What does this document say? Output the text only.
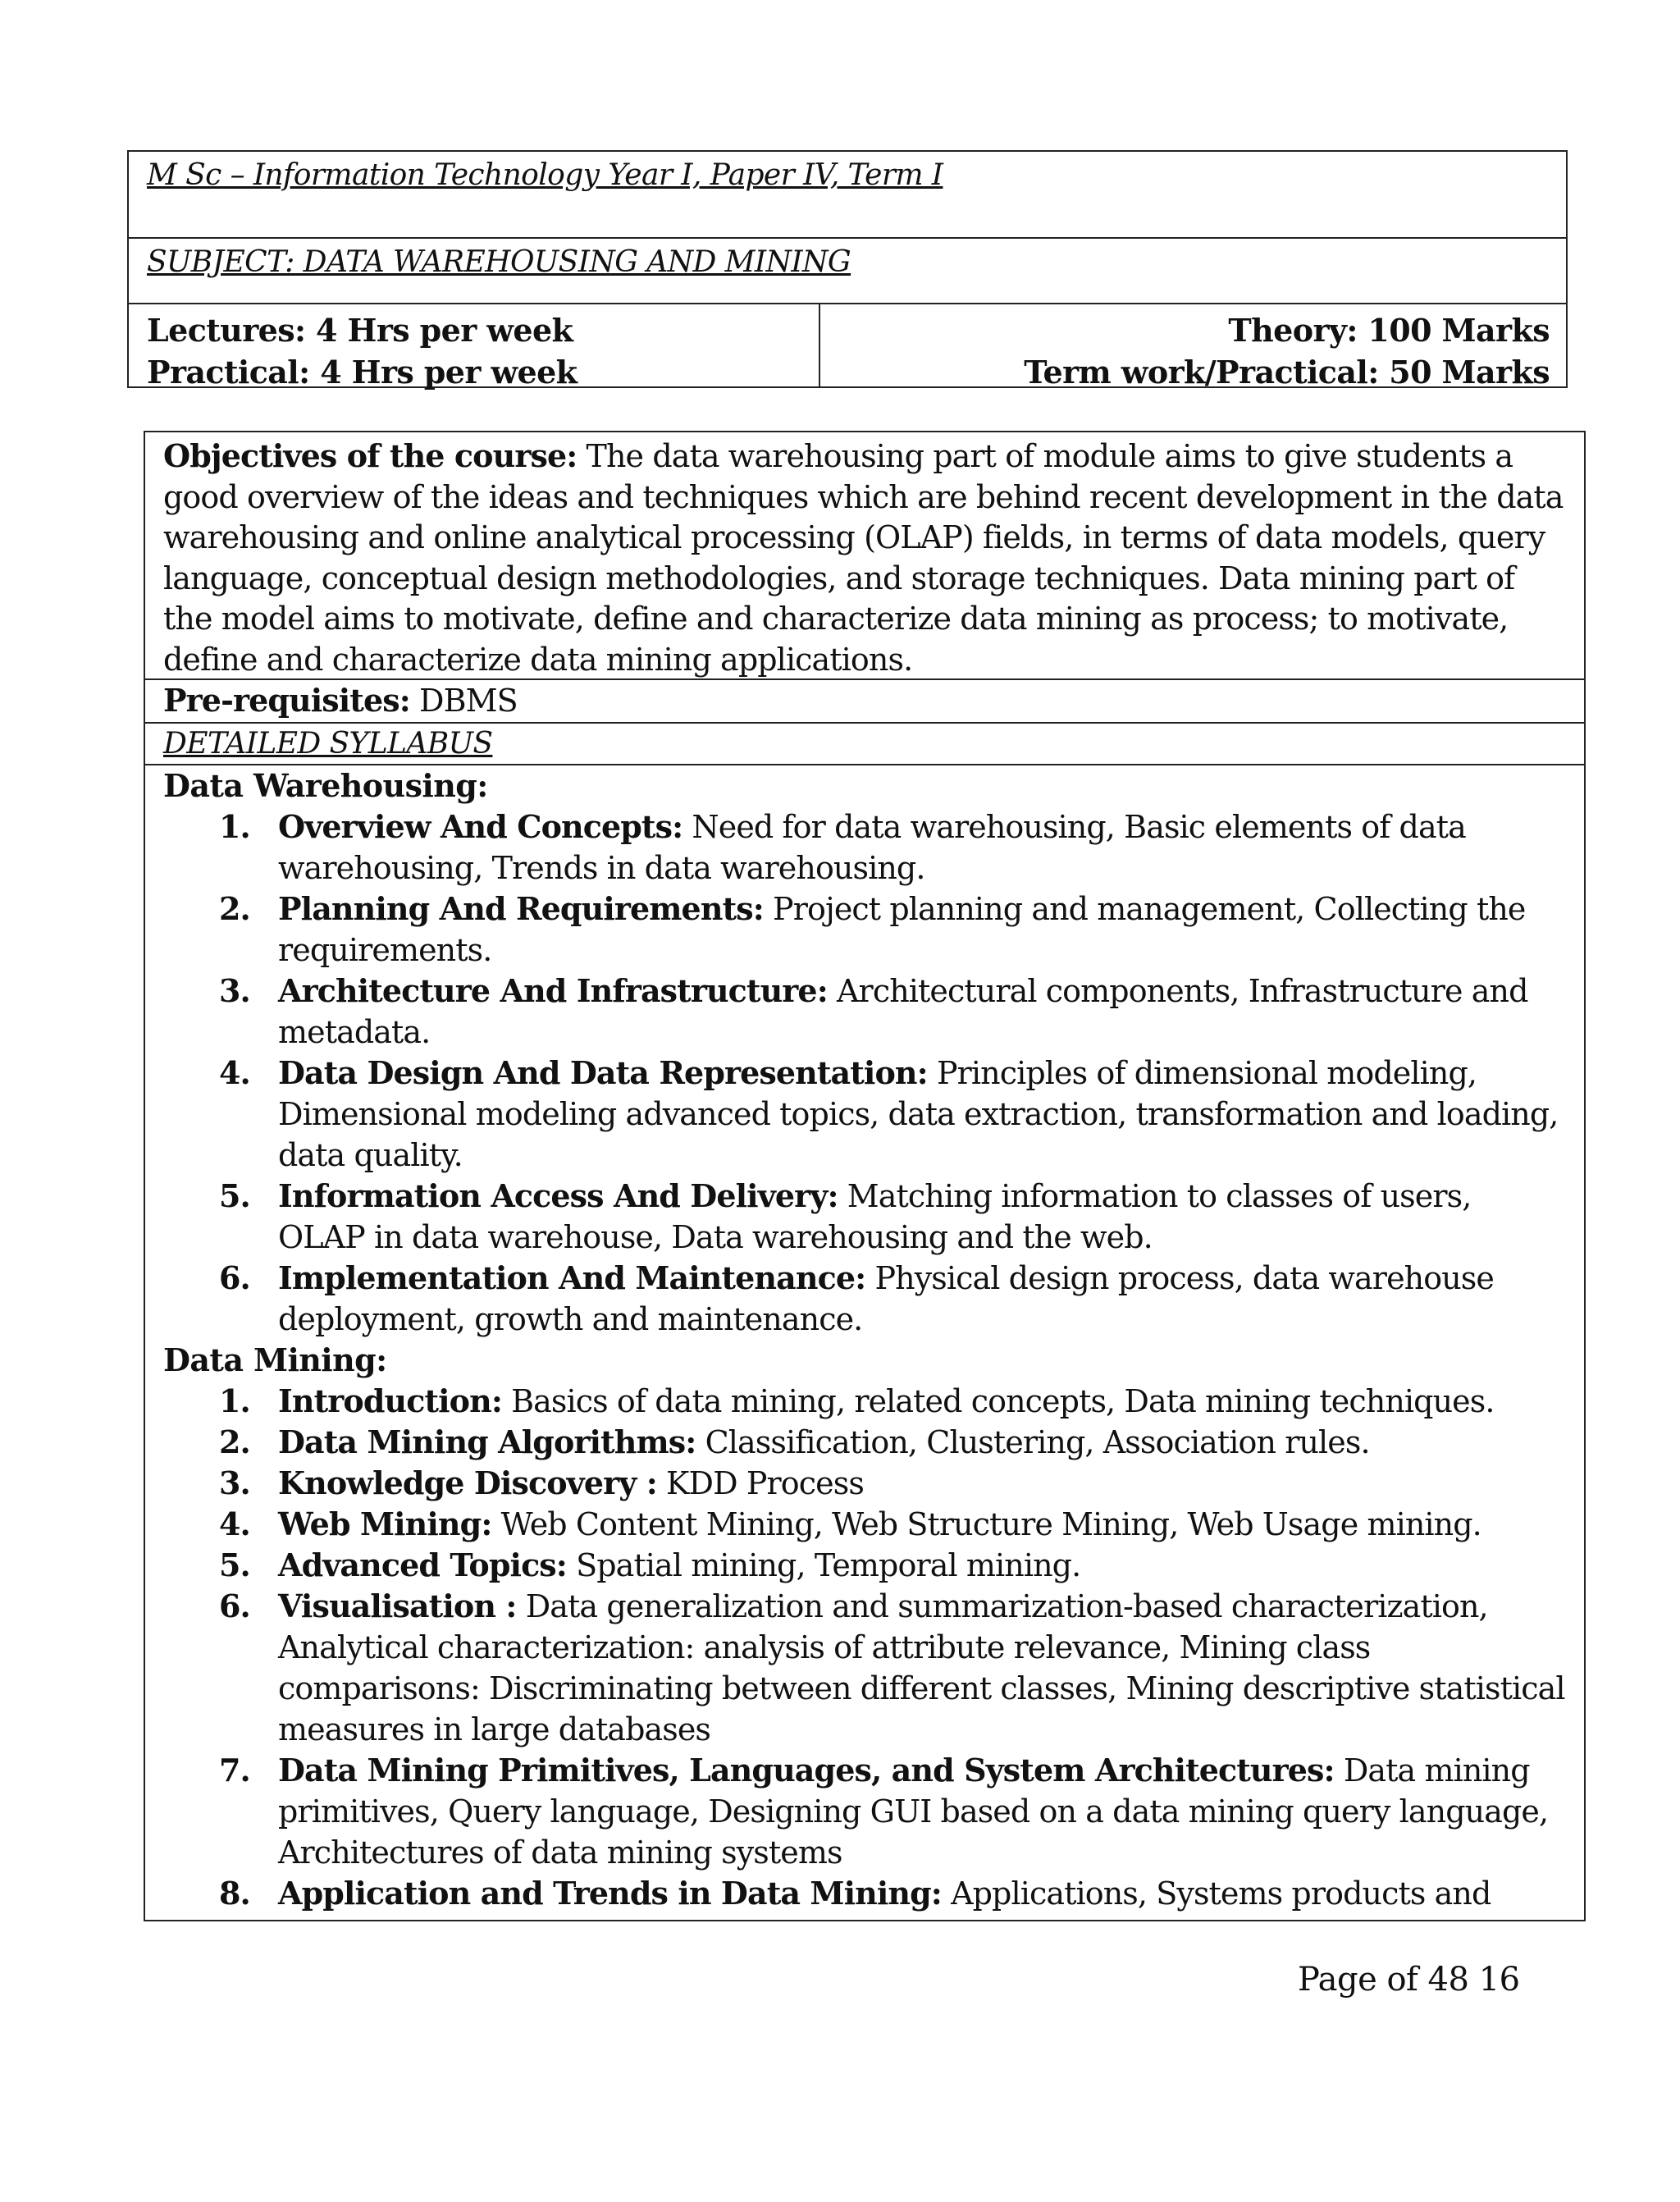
M Sc – Information Technology Year I, Paper IV, Term I
SUBJECT: DATA WAREHOUSING AND MINING
Lectures: 4 Hrs per week
Practical: 4 Hrs per week
Theory: 100 Marks
Term work/Practical: 50 Marks
Objectives of the course: The data warehousing part of module aims to give students a good overview of the ideas and techniques which are behind recent development in the data warehousing and online analytical processing (OLAP) fields, in terms of data models, query language, conceptual design methodologies, and storage techniques. Data mining part of the model aims to motivate, define and characterize data mining as process; to motivate, define and characterize data mining applications.
Pre-requisites: DBMS
DETAILED SYLLABUS
Data Warehousing:
1. Overview And Concepts: Need for data warehousing, Basic elements of data warehousing, Trends in data warehousing.
2. Planning And Requirements: Project planning and management, Collecting the requirements.
3. Architecture And Infrastructure: Architectural components, Infrastructure and metadata.
4. Data Design And Data Representation: Principles of dimensional modeling, Dimensional modeling advanced topics, data extraction, transformation and loading, data quality.
5. Information Access And Delivery: Matching information to classes of users, OLAP in data warehouse, Data warehousing and the web.
6. Implementation And Maintenance: Physical design process, data warehouse deployment, growth and maintenance.
Data Mining:
1. Introduction: Basics of data mining, related concepts, Data mining techniques.
2. Data Mining Algorithms: Classification, Clustering, Association rules.
3. Knowledge Discovery : KDD Process
4. Web Mining: Web Content Mining, Web Structure Mining, Web Usage mining.
5. Advanced Topics: Spatial mining, Temporal mining.
6. Visualisation : Data generalization and summarization-based characterization, Analytical characterization: analysis of attribute relevance, Mining class comparisons: Discriminating between different classes, Mining descriptive statistical measures in large databases
7. Data Mining Primitives, Languages, and System Architectures: Data mining primitives, Query language, Designing GUI based on a data mining query language, Architectures of data mining systems
8. Application and Trends in Data Mining: Applications, Systems products and
Page of 48 16
